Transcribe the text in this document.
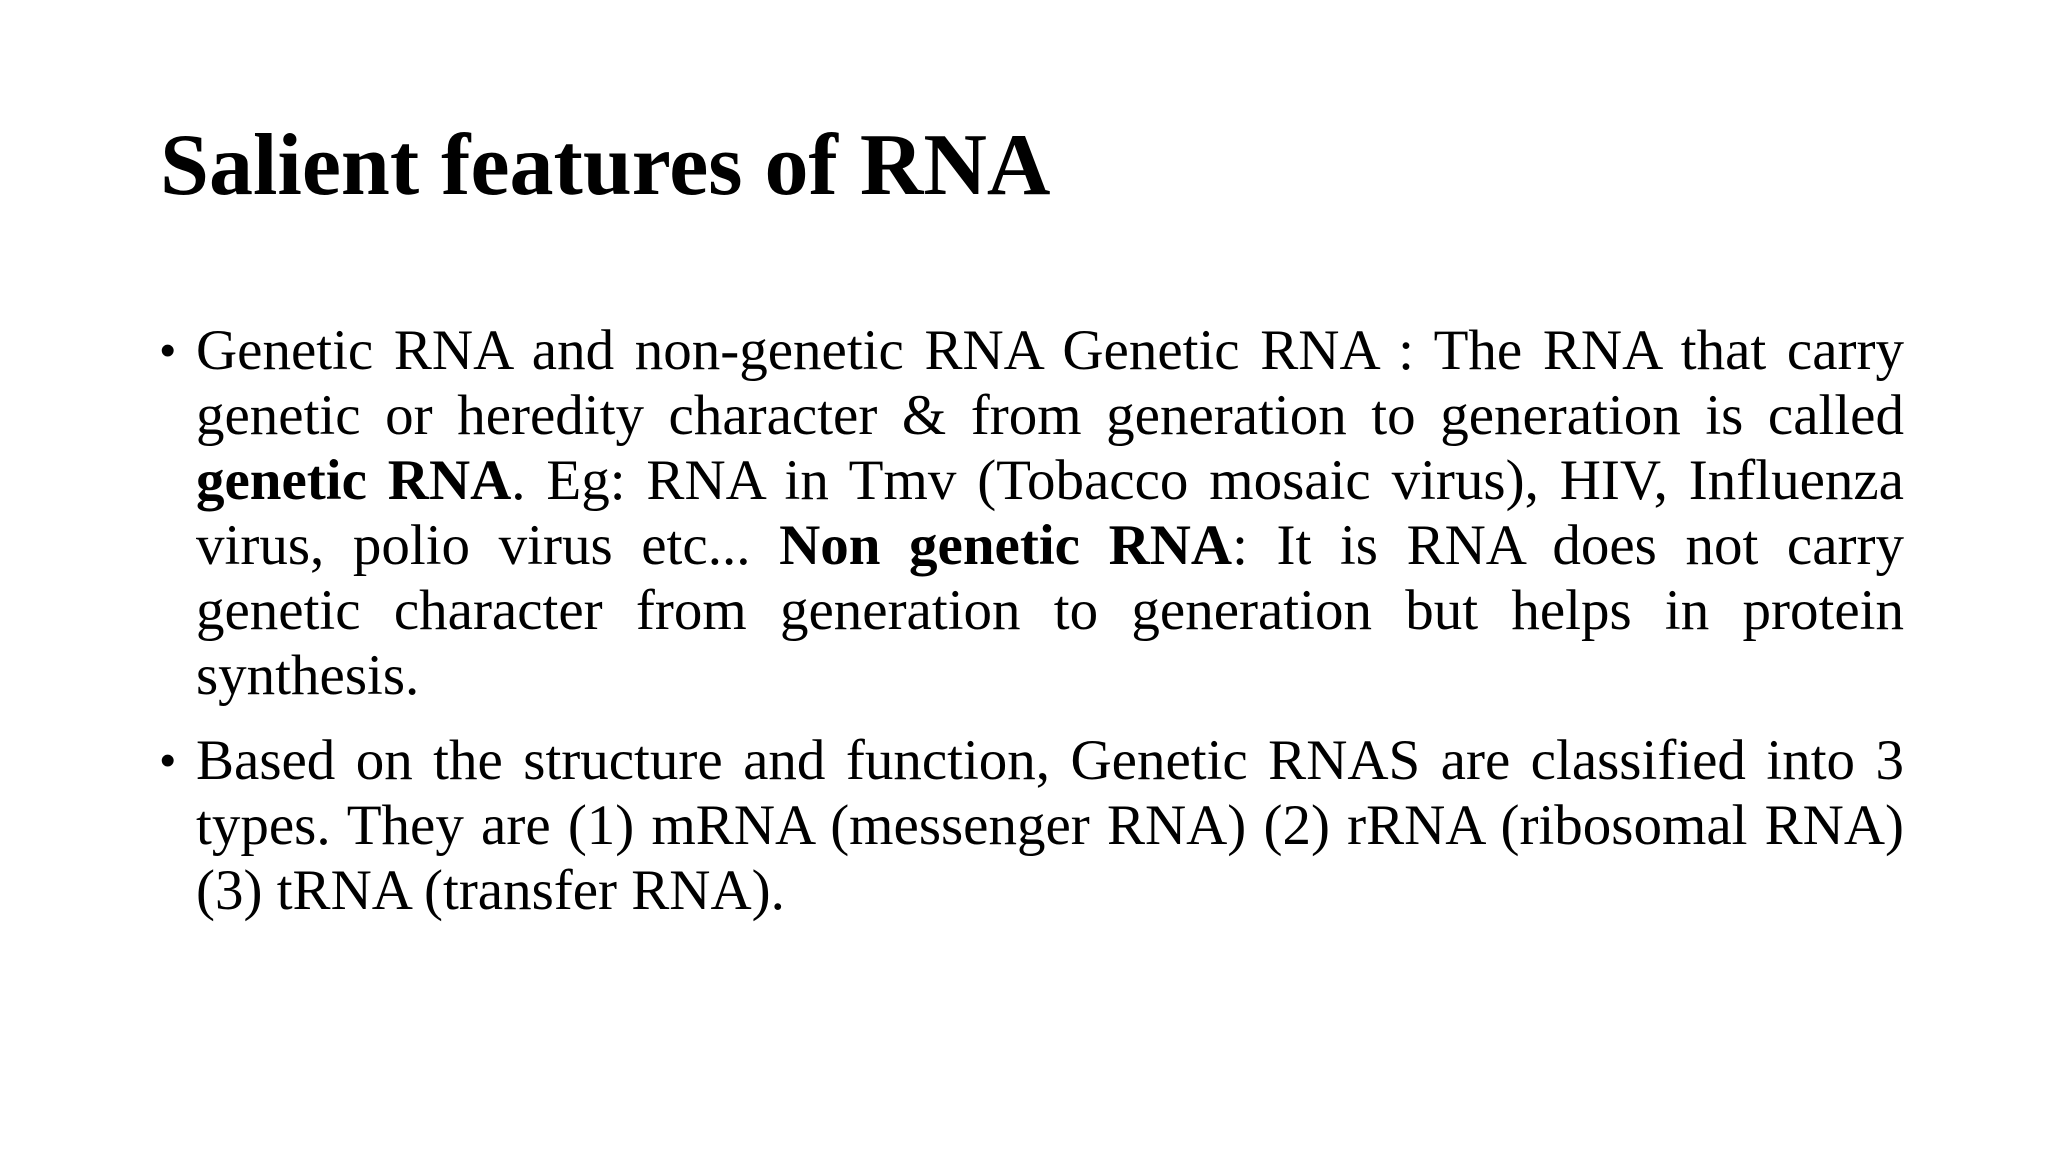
Salient features of RNA
• Genetic RNA and non-genetic RNA Genetic RNA : The RNA that carry genetic or heredity character & from generation to generation is called genetic RNA. Eg: RNA in Tmv (Tobacco mosaic virus), HIV, Influenza virus, polio virus etc... Non genetic RNA: It is RNA does not carry genetic character from generation to generation but helps in protein synthesis.
• Based on the structure and function, Genetic RNAS are classified into 3 types. They are (1) mRNA (messenger RNA) (2) rRNA (ribosomal RNA) (3) tRNA (transfer RNA).
